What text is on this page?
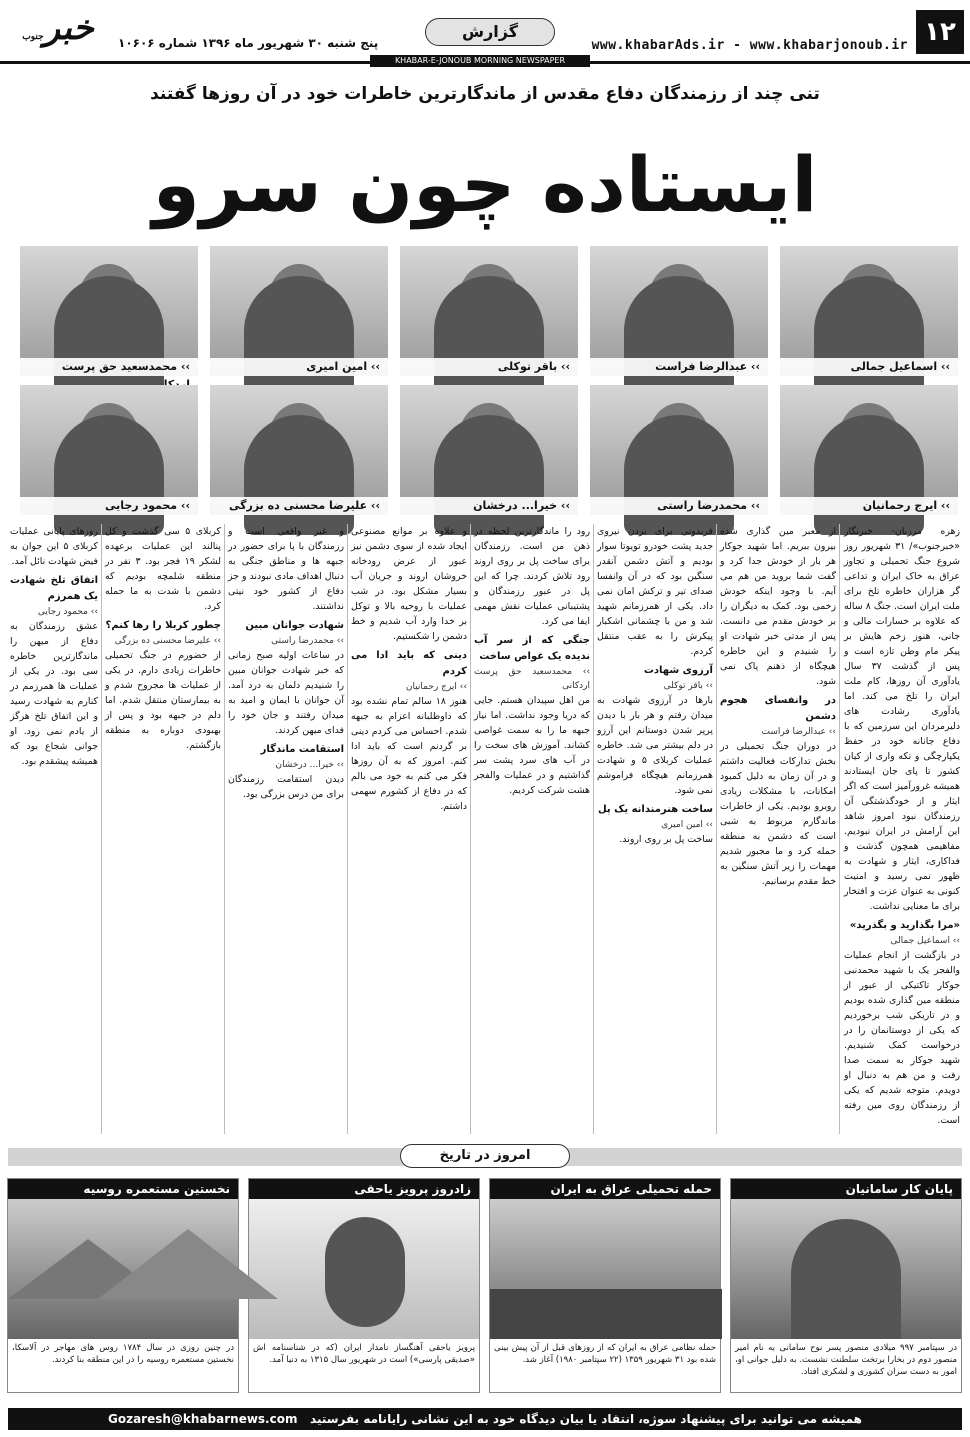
۱۲
www.khabarAds.ir - www.khabarjonoub.ir
گزارش
خبرجنوب	پنج شنبه ۳۰ شهریور ماه ۱۳۹۶ شماره ۱۰۶۰۶
KHABAR-E-JONOUB MORNING NEWSPAPER
تنی چند از رزمندگان دفاع مقدس از ماندگارترین خاطرات خود در آن روزها گفتند
ایستاده چون سرو
›› اسماعیل جمالی
›› عبدالرضا فراست
›› باقر توکلی
›› امین امیری
›› محمدسعید حق پرست
›› ایرج رحمانیان
›› محمدرضا راستی
›› خیرا... درخشان
›› علیرضا محسنی ده بزرگی
›› محمود رجایی

زهره مرزبان- خبرنگار «خبرجنوب»/ ۳۱ شهریور روز شروع جنگ تحمیلی و تجاوز عراق به خاک ایران و تداعی گر هزاران خاطره تلخ برای ملت ایران است. جنگ ۸ ساله که علاوه بر خسارات مالی و جانی، هنوز زخم هایش بر پیکر مام وطن تازه است و پس از گذشت ۳۷ سال یادآوری آن روزها، کام ملت ایران را تلخ می کند. اما یادآوری رشادت های دلیرمردان این سرزمین که با دفاع جانانه خود در حفظ یکپارچگی و تکه واری از کیان کشور تا پای جان ایستادند همیشه غرورآمیز است که اگر ایثار و از خودگذشتگی آن رزمندگان نبود امروز شاهد این آرامش در ایران نبودیم. مفاهیمی همچون گذشت و فداکاری، ایثار و شهادت به ظهور نمی رسید و امنیت کنونی به عنوان عزت و افتخار برای ما معنایی نداشت.

«مرا بگذارید و بگذرید»

›› اسماعیل جمالی

در بازگشت از انجام عملیات والفجر یک با شهید محمدنبی جوکار تاکتیکی از عبور از منطقه مین گذاری شده بودیم و در تاریکی شب برخوردیم که یکی از دوستانمان را در درخواست کمک شنیدیم. شهید جوکار به سمت صدا رفت و من هم به دنبال او دویدم. متوجه شدیم که یکی از رزمندگان روی مین رفته است.

از معبر مین گذاری شده بیرون ببریم. اما شهید جوکار هر بار از خودش جدا کرد و گفت شما بروید من هم می آیم. با وجود اینکه خودش زخمی بود. کمک به دیگران را بر خودش مقدم می دانست. پس از مدتی خبر شهادت او را شنیدم و این خاطره هیچگاه از ذهنم پاک نمی شود.

در وانفسای هجوم دشمن

›› عبدالرضا فراست

در دوران جنگ تحمیلی در بخش تدارکات فعالیت داشتم و در آن زمان به دلیل کمبود امکانات، با مشکلات زیادی روبرو بودیم. یکی از خاطرات ماندگارم مربوط به شبی است که دشمن به منطقه حمله کرد و ما مجبور شدیم مهمات را زیر آتش سنگین به خط مقدم برسانیم.

فریدونی برای بردن نیروی جدید پشت خودرو تویوتا سوار بودیم و آتش دشمن آنقدر سنگین بود که در آن وانفسا صدای تیر و ترکش امان نمی داد. یکی از همرزمانم شهید شد و من با چشمانی اشکبار پیکرش را به عقب منتقل کردم.

آرزوی شهادت

›› باقر توکلی

بارها در آرزوی شهادت به میدان رفتم و هر بار با دیدن پرپر شدن دوستانم این آرزو در دلم بیشتر می شد. خاطره عملیات کربلای ۵ و شهادت همرزمانم هیچگاه فراموشم نمی شود.

ساخت هنرمندانه یک پل

›› امین امیری

ساخت پل بر روی اروند.

رود را ماندگارترین لحظه در ذهن من است. رزمندگان برای ساخت پل بر روی اروند رود تلاش کردند. چرا که این پل در عبور رزمندگان و پشتیبانی عملیات نقش مهمی ایفا می کرد.

جنگی که از سر آب ندیده یک غواص ساخت

›› محمدسعید حق پرست اردکانی

من اهل سپیدان هستم. جایی که دریا وجود نداشت. اما نیاز جبهه ما را به سمت غواصی کشاند. آموزش های سخت را در آب های سرد پشت سر گذاشتیم و در عملیات والفجر هشت شرکت کردیم.

و علاوه بر موانع مصنوعی ایجاد شده از سوی دشمن نیز عبور از عرض رودخانه خروشان اروند و جریان آب بسیار مشکل بود. در شب عملیات با روحیه بالا و توکل بر خدا وارد آب شدیم و خط دشمن را شکستیم.

دینی که باید ادا می کردم

›› ایرج رحمانیان

هنوز ۱۸ سالم تمام نشده بود که داوطلبانه اعزام به جبهه شدم. احساس می کردم دینی بر گردنم است که باید ادا کنم. امروز که به آن روزها فکر می کنم به خود می بالم که در دفاع از کشورم سهمی داشتم.

و غیر واقعی است و رزمندگان با پا برای حضور در جبهه ها و مناطق جنگی به دنبال اهداف مادی نبودند و جز دفاع از کشور خود نیتی نداشتند.

شهادت جوانان مبین

›› محمدرضا راستی

در ساعات اولیه صبح زمانی که خبر شهادت جوانان مبین را شنیدیم دلمان به درد آمد. آن جوانان با ایمان و امید به میدان رفتند و جان خود را فدای میهن کردند.

استقامت ماندگار

›› خیرا... درخشان

دیدن استقامت رزمندگان برای من درس بزرگی بود.

کربلای ۵ سی گذشت و کل پنالند این عملیات برعهده لشکر ۱۹ فجر بود. ۳ نفر در منطقه شلمچه بودیم که دشمن با شدت به ما حمله کرد.

چطور کربلا را رها کنم؟

›› علیرضا محسنی ده بزرگی

از حضورم در جنگ تحمیلی خاطرات زیادی دارم. در یکی از عملیات ها مجروح شدم و به بیمارستان منتقل شدم. اما دلم در جبهه بود و پس از بهبودی دوباره به منطقه بازگشتم.

روزهای پایانی عملیات کربلای ۵ این جوان به فیض شهادت نائل آمد.

اتفاق تلخ شهادت یک همرزم

›› محمود رجایی

عشق رزمندگان به دفاع از میهن را ماندگارترین خاطره سی بود. در یکی از عملیات ها همرزمم در کنارم به شهادت رسید و این اتفاق تلخ هرگز از یادم نمی رود. او جوانی شجاع بود که همیشه پیشقدم بود.

امروز در تاریخ
پایان کار سامانیان
در سپتامبر ۹۹۷ میلادی منصور پسر نوح سامانی به نام امیر منصور دوم در بخارا برتخت سلطنت نشست. به دلیل جوانی او، امور به دست سران کشوری و لشکری افتاد.
حمله تحمیلی عراق به ایران
حمله نظامی عراق به ایران که از روزهای قبل از آن پیش بینی شده بود ۳۱ شهریور ۱۳۵۹ (۲۲ سپتامبر ۱۹۸۰) آغاز شد.
زادروز پرویز یاحقی
پرویز یاحقی آهنگساز نامدار ایران (که در شناسنامه اش «صدیقی پارسی») است در شهریور سال ۱۳۱۵ به دنیا آمد.
نخستین مستعمره روسیه
در چنین روزی در سال ۱۷۸۴ روس های مهاجر در آلاسکا، نخستین مستعمره روسیه را در این منطقه بنا کردند.
همیشه می توانید برای پیشنهاد سوژه، انتقاد یا بیان دیدگاه خود به این نشانی رایانامه بفرستید   Gozaresh@khabarnews.com
